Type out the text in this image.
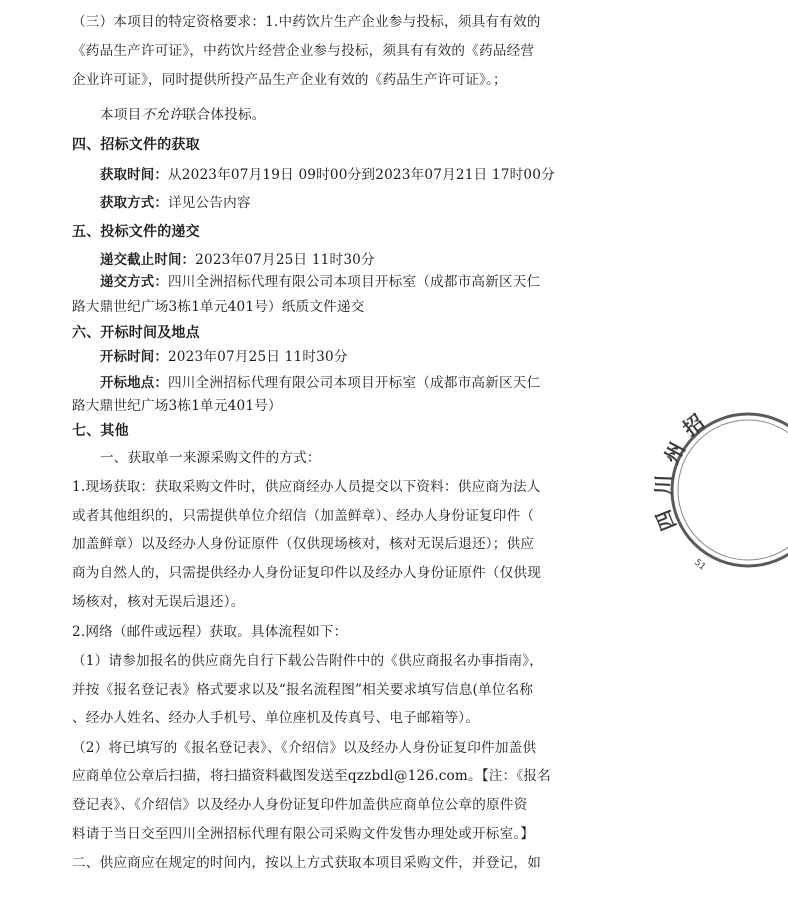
（三）本项目的特定资格要求：1.中药饮片生产企业参与投标，须具有有效的
《药品生产许可证》，中药饮片经营企业参与投标，须具有有效的《药品经营
企业许可证》，同时提供所投产品生产企业有效的《药品生产许可证》。；
本项目不允许联合体投标。
四、招标文件的获取
获取时间：从2023年07月19日 09时00分到2023年07月21日 17时00分
获取方式：详见公告内容
五、投标文件的递交
递交截止时间：2023年07月25日 11时30分
递交方式：四川全洲招标代理有限公司本项目开标室（成都市高新区天仁
路大鼎世纪广场3栋1单元401号）纸质文件递交
六、开标时间及地点
开标时间：2023年07月25日 11时30分
开标地点：四川全洲招标代理有限公司本项目开标室（成都市高新区天仁
路大鼎世纪广场3栋1单元401号）
七、其他
一、获取单一来源采购文件的方式：
1.现场获取：获取采购文件时，供应商经办人员提交以下资料：供应商为法人
或者其他组织的，只需提供单位介绍信（加盖鲜章）、经办人身份证复印件（
加盖鲜章）以及经办人身份证原件（仅供现场核对，核对无误后退还）；供应
商为自然人的，只需提供经办人身份证复印件以及经办人身份证原件（仅供现
场核对，核对无误后退还）。
2.网络（邮件或远程）获取。具体流程如下：
（1）请参加报名的供应商先自行下载公告附件中的《供应商报名办事指南》，
并按《报名登记表》格式要求以及“报名流程图”相关要求填写信息(单位名称
、经办人姓名、经办人手机号、单位座机及传真号、电子邮箱等）。
（2）将已填写的《报名登记表》、《介绍信》以及经办人身份证复印件加盖供
应商单位公章后扫描，将扫描资料截图发送至qzzbdl@126.com。【注：《报名
登记表》、《介绍信》以及经办人身份证复印件加盖供应商单位公章的原件资
料请于当日交至四川全洲招标代理有限公司采购文件发售办理处或开标室。】
二、供应商应在规定的时间内，按以上方式获取本项目采购文件，并登记，如
招
州
川
四
51
